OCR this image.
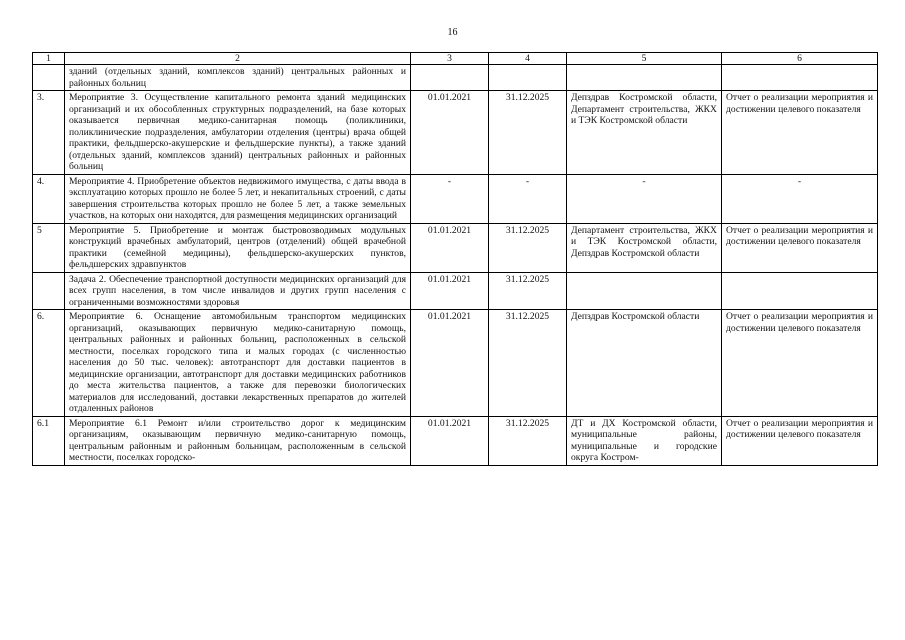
16
1	2	3	4	5	6
	зданий (отдельных зданий, комплексов зданий) центральных районных и районных больниц				
3.	Мероприятие 3. Осуществление капитального ремонта зданий медицинских организаций и их обособленных структурных подразделений, на базе которых оказывается первичная медико-санитарная помощь (поликлиники, поликлинические подразделения, амбулатории отделения (центры) врача общей практики, фельдшерско-акушерские и фельдшерские пункты), а также зданий (отдельных зданий, комплексов зданий) центральных районных и районных больниц	01.01.2021	31.12.2025	Депздрав Костромской области, Департамент строительства, ЖКХ и ТЭК Костромской области	Отчет о реализации мероприятия и достижении целевого показателя
4.	Мероприятие 4. Приобретение объектов недвижимого имущества, с даты ввода в эксплуатацию которых прошло не более 5 лет, и некапитальных строений, с даты завершения строительства которых прошло не более 5 лет, а также земельных участков, на которых они находятся, для размещения медицинских организаций	-	-	-	-
5	Мероприятие 5. Приобретение и монтаж быстровозводимых модульных конструкций врачебных амбулаторий, центров (отделений) общей врачебной практики (семейной медицины), фельдшерско-акушерских пунктов, фельдшерских здравпунктов	01.01.2021	31.12.2025	Департамент строительства, ЖКХ и ТЭК Костромской области, Депздрав Костромской области	Отчет о реализации мероприятия и достижении целевого показателя
	Задача 2. Обеспечение транспортной доступности медицинских организаций для всех групп населения, в том числе инвалидов и других групп населения с ограниченными возможностями здоровья	01.01.2021	31.12.2025		
6.	Мероприятие 6. Оснащение автомобильным транспортом медицинских организаций, оказывающих первичную медико-санитарную помощь, центральных районных и районных больниц, расположенных в сельской местности, поселках городского типа и малых городах (с численностью населения до 50 тыс. человек): автотранспорт для доставки пациентов в медицинские организации, автотранспорт для доставки медицинских работников до места жительства пациентов, а также для перевозки биологических материалов для исследований, доставки лекарственных препаратов до жителей отдаленных районов	01.01.2021	31.12.2025	Депздрав Костромской области	Отчет о реализации мероприятия и достижении целевого показателя
6.1	Мероприятие 6.1 Ремонт и/или строительство дорог к медицинским организациям, оказывающим первичную медико-санитарную помощь, центральным районным и районным больницам, расположенным в сельской местности, поселках городско-	01.01.2021	31.12.2025	ДТ и ДХ Костромской области, муниципальные районы, муниципальные и городские округа Костром-	Отчет о реализации мероприятия и достижении целевого показателя
